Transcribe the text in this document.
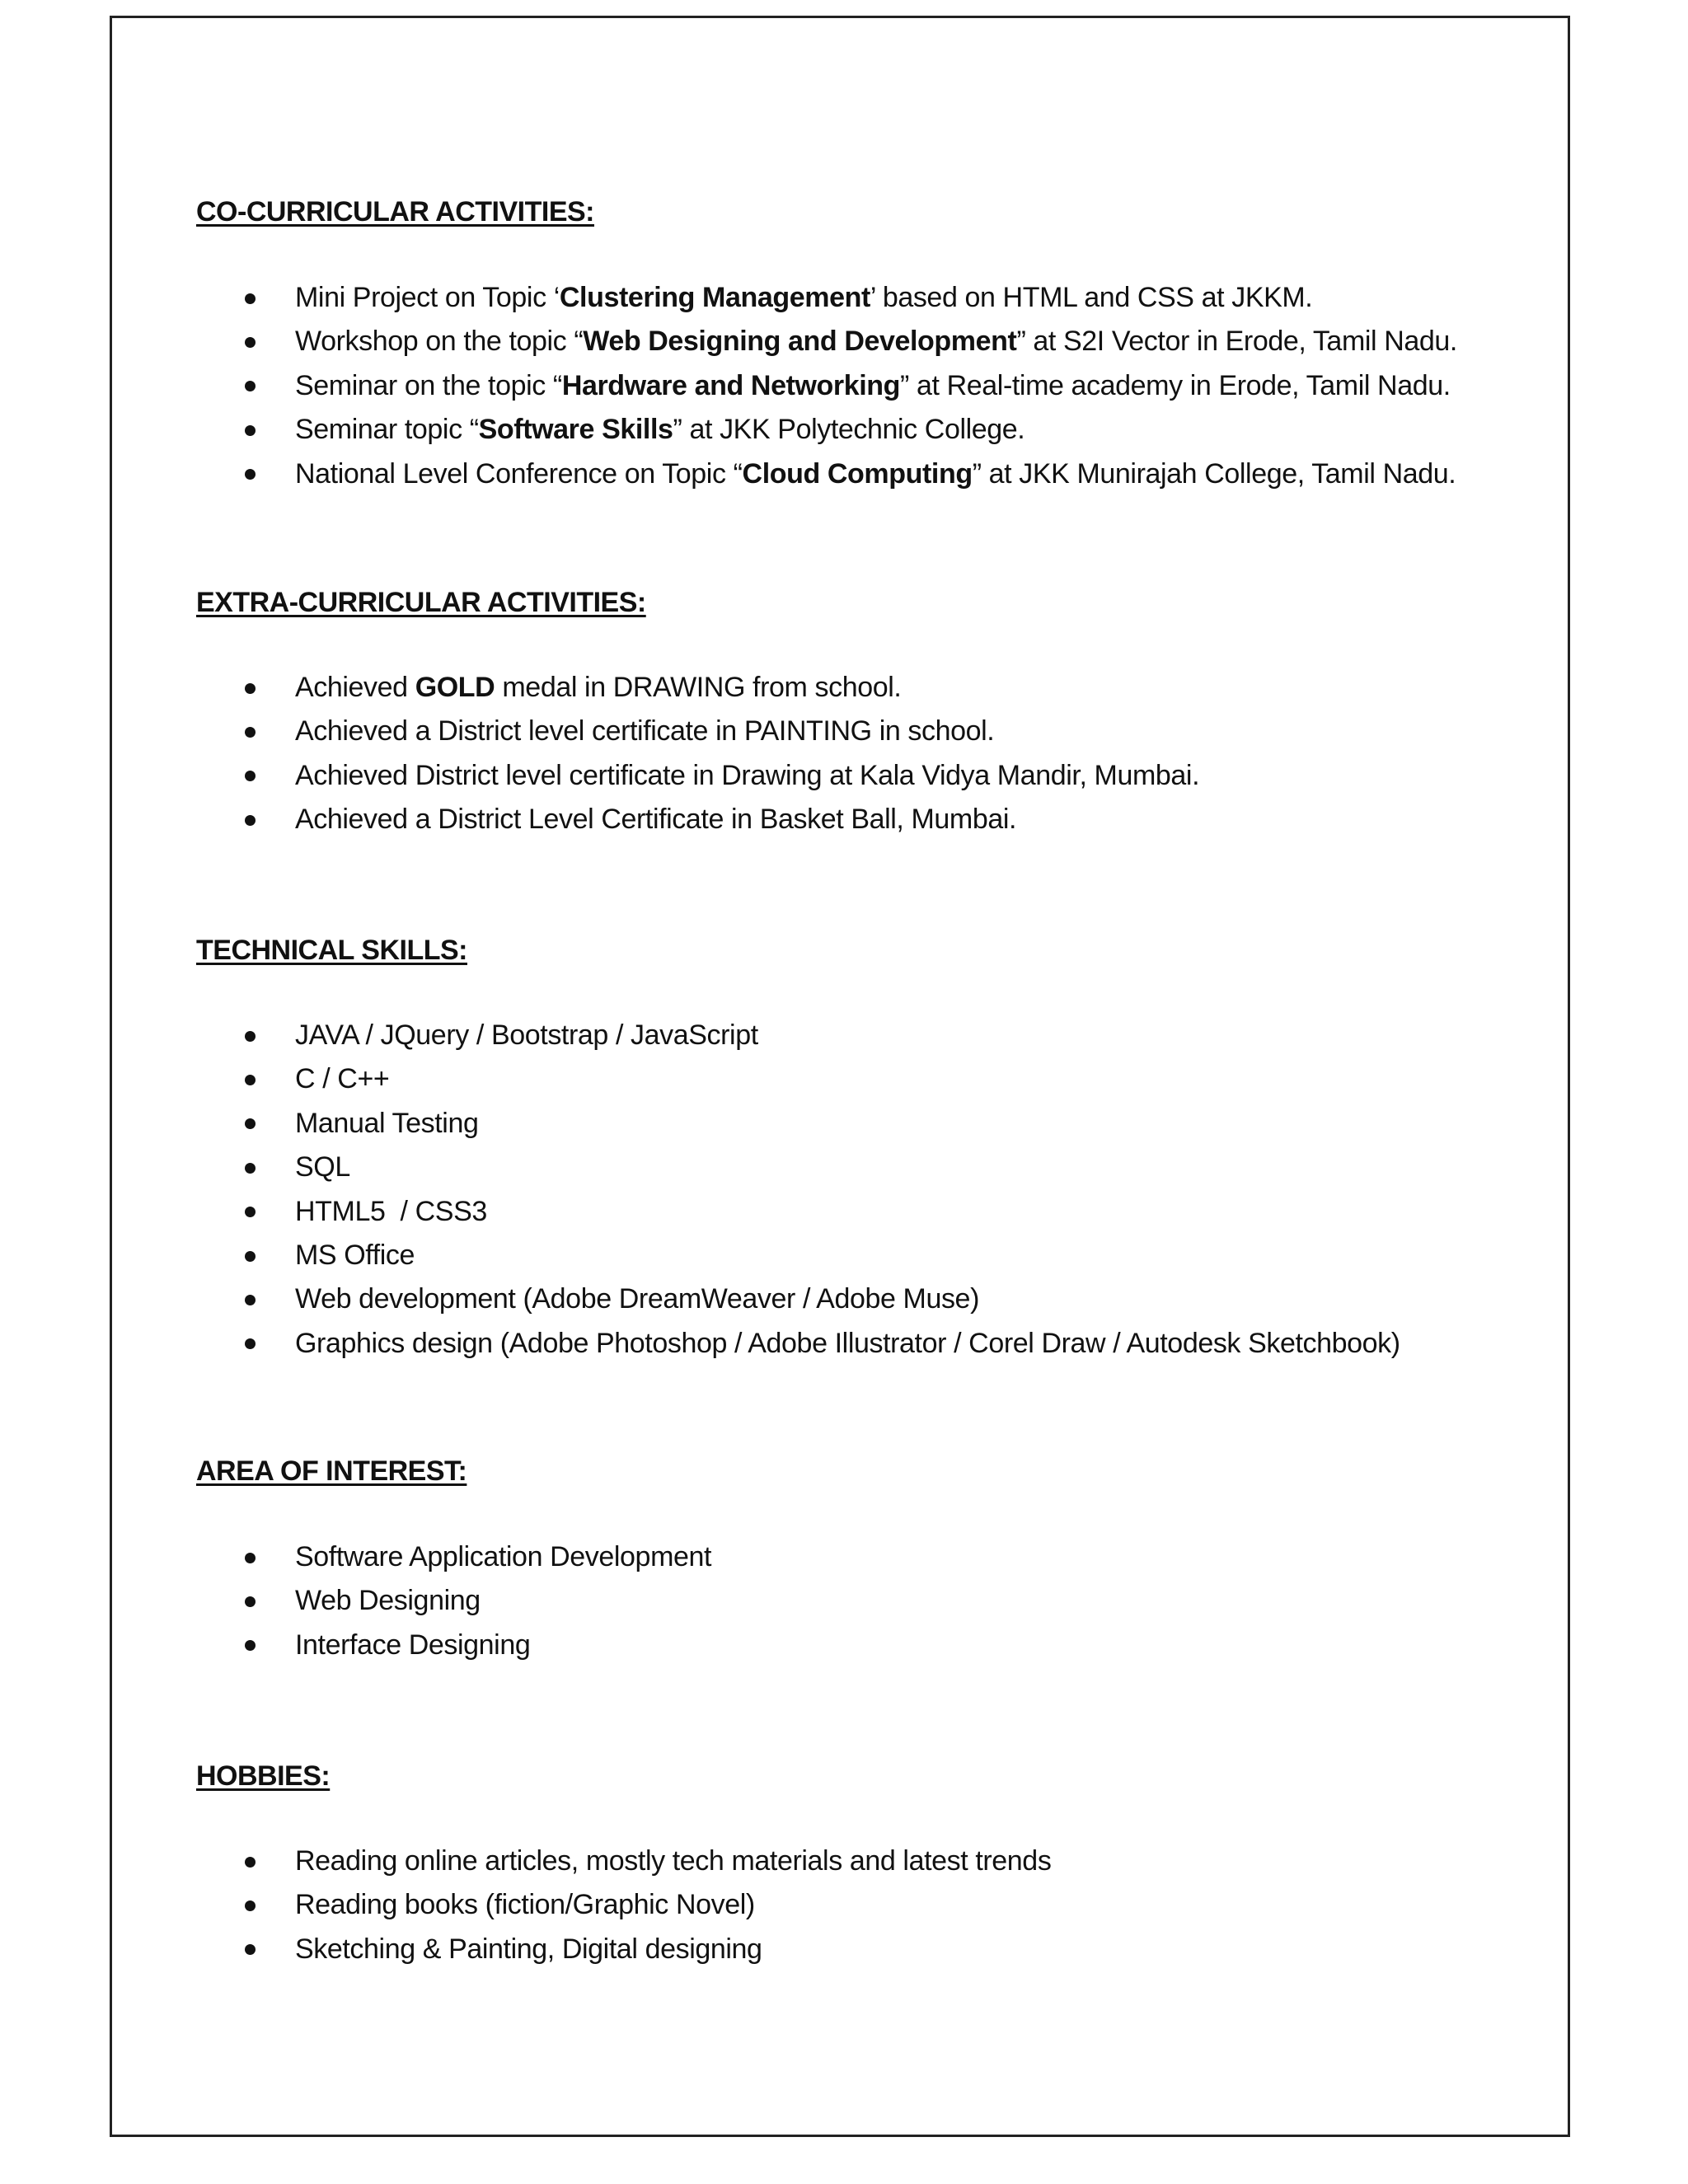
CO-CURRICULAR ACTIVITIES:
Mini Project on Topic ‘Clustering Management’ based on HTML and CSS at JKKM.
Workshop on the topic “Web Designing and Development” at S2I Vector in Erode, Tamil Nadu.
Seminar on the topic “Hardware and Networking” at Real-time academy in Erode, Tamil Nadu.
Seminar topic “Software Skills” at JKK Polytechnic College.
National Level Conference on Topic “Cloud Computing” at JKK Munirajah College, Tamil Nadu.
EXTRA-CURRICULAR ACTIVITIES:
Achieved GOLD medal in DRAWING from school.
Achieved a District level certificate in PAINTING in school.
Achieved District level certificate in Drawing at Kala Vidya Mandir, Mumbai.
Achieved a District Level Certificate in Basket Ball, Mumbai.
TECHNICAL SKILLS:
JAVA / JQuery / Bootstrap / JavaScript
C / C++
Manual Testing
SQL
HTML5  / CSS3
MS Office
Web development (Adobe DreamWeaver / Adobe Muse)
Graphics design (Adobe Photoshop / Adobe Illustrator / Corel Draw / Autodesk Sketchbook)
AREA OF INTEREST:
Software Application Development
Web Designing
Interface Designing
HOBBIES:
Reading online articles, mostly tech materials and latest trends
Reading books (fiction/Graphic Novel)
Sketching & Painting, Digital designing
